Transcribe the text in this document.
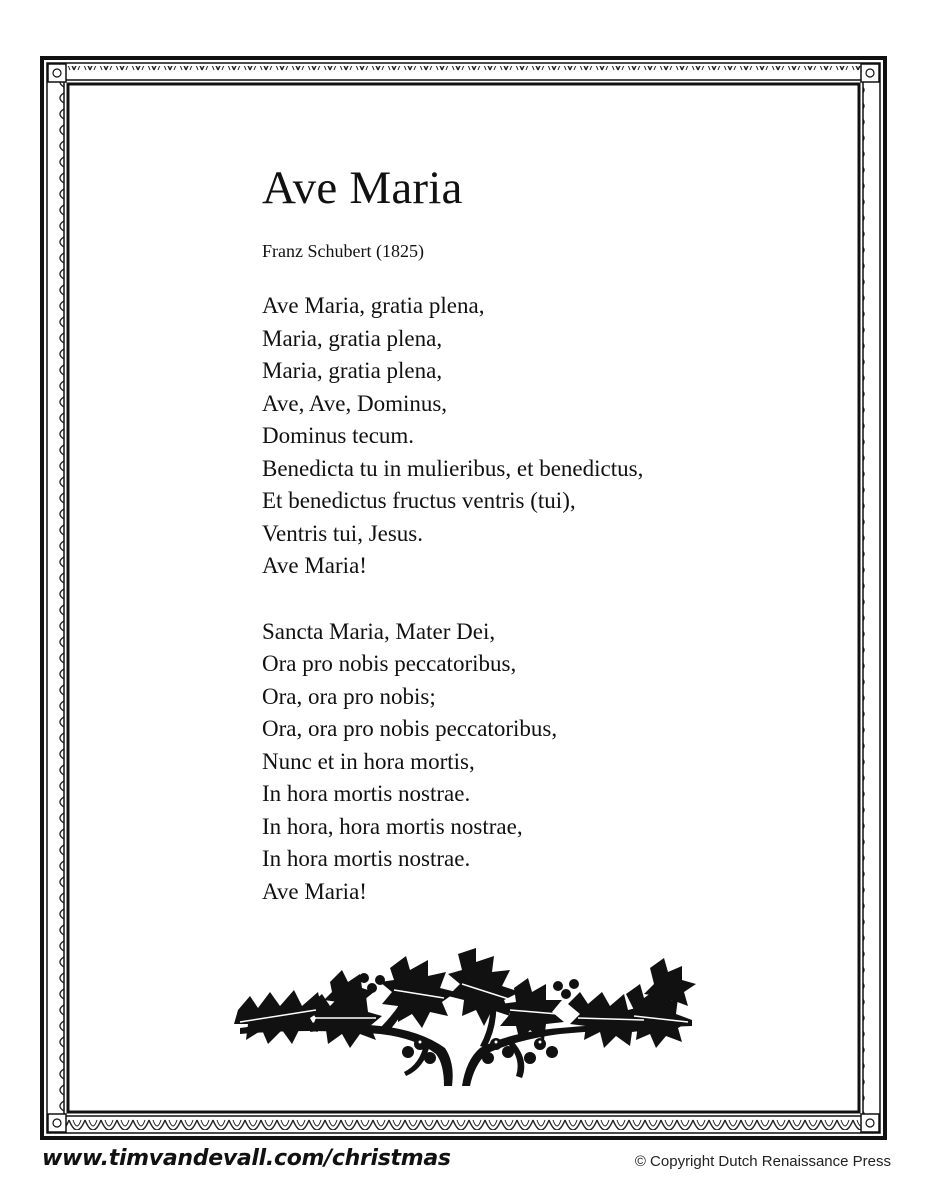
Ave Maria
Franz Schubert (1825)
Ave Maria, gratia plena,
Maria, gratia plena,
Maria, gratia plena,
Ave, Ave, Dominus,
Dominus tecum.
Benedicta tu in mulieribus, et benedictus,
Et benedictus fructus ventris (tui),
Ventris tui, Jesus.
Ave Maria!
Sancta Maria, Mater Dei,
Ora pro nobis peccatoribus,
Ora, ora pro nobis;
Ora, ora pro nobis peccatoribus,
Nunc et in hora mortis,
In hora mortis nostrae.
In hora, hora mortis nostrae,
In hora mortis nostrae.
Ave Maria!
www.timvandevall.com/christmas	© Copyright Dutch Renaissance Press
